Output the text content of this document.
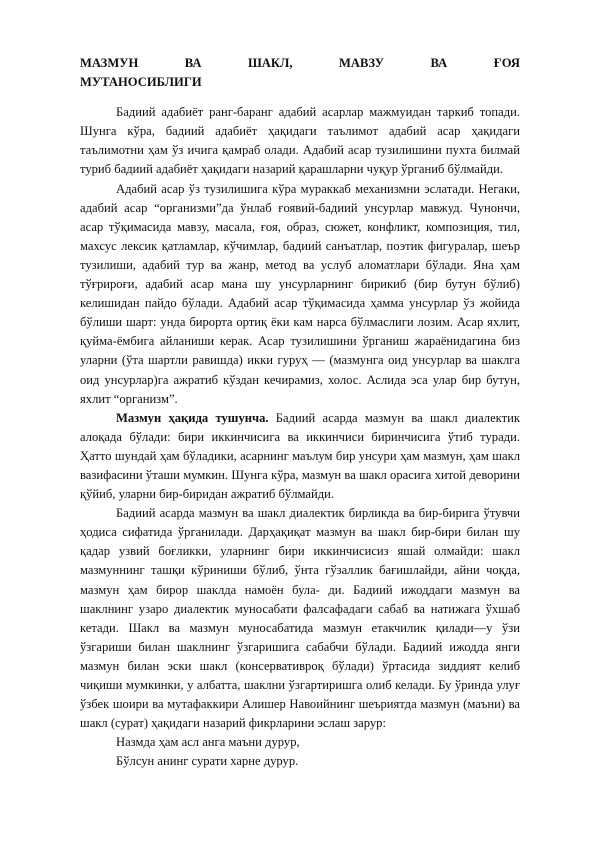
МАЗМУН	ВА	ШАКЛ,	МАВЗУ	ВА	ҒОЯ
МУТАНОСИБЛИГИ

Бадиий адабиёт ранг-баранг адабий асарлар мажмуидан таркиб топади. Шунга кўра, бадиий адабиёт ҳақидаги таълимот адабий асар ҳақидаги таълимотни ҳам ўз ичига қамраб олади. Адабий асар тузилишини пухта билмай туриб бадиий адабиёт ҳақидаги назарий қарашларни чуқур ўрганиб бўлмайди.

Адабий асар ўз тузилишига кўра мураккаб механизмни эслатади. Негаки, адабий асар “организми”да ўнлаб ғоявий-бадиий унсурлар мавжуд. Чунончи, асар тўқимасида мавзу, масала, ғоя, образ, сюжет, конфликт, композиция, тил, махсус лексик қатламлар, кўчимлар, бадиий санъатлар, поэтик фигуралар, шеър тузилиши, адабий тур ва жанр, метод ва услуб аломатлари бўлади. Яна ҳам тўғрироғи, адабий асар мана шу унсурларнинг бирикиб (бир бутун бўлиб) келишидан пайдо бўлади. Адабий асар тўқимасида ҳамма унсурлар ўз жойида бўлиши шарт: унда бирорта ортиқ ёки кам нарса бўлмаслиги лозим. Асар яхлит, қуйма-ёмбига айланиши керак. Асар тузилишини ўрганиш жараёнидагина биз уларни (ўта шартли равишда) икки гуруҳ — (мазмунга оид унсурлар ва шаклга оид унсурлар)га ажратиб кўздан кечирамиз, холос. Аслида эса улар бир бутун, яхлит “организм”.

Мазмун ҳақида тушунча. Бадиий асарда мазмун ва шакл диалектик алоқада бўлади: бири иккинчисига ва иккинчиси биринчисига ўтиб туради. Ҳатто шундай ҳам бўладики, асарнинг маълум бир унсури ҳам мазмун, ҳам шакл вазифасини ўташи мумкин. Шунга кўра, мазмун ва шакл орасига хитой деворини қўйиб, уларни бир-биридан ажратиб бўлмайди.

Бадиий асарда мазмун ва шакл диалектик бирликда ва бир-бирига ўтувчи ҳодиса сифатида ўрганилади. Дарҳақиқат мазмун ва шакл бир-бири билан шу қадар узвий боғликки, уларнинг бири иккинчисисиз яшай олмайди: шакл мазмуннинг ташқи кўриниши бўлиб, ўнта гўзаллик бағишлайди, айни чоқда, мазмун ҳам бирор шаклда намоён була- ди. Бадиий ижоддаги мазмун ва шаклнинг узаро диалектик муносабати фалсафадаги сабаб ва натижага ўхшаб кетади. Шакл ва мазмун муносабатида мазмун етакчилик қилади—у ўзи ўзгариши билан шаклнинг ўзгаришига сабабчи бўлади. Бадиий ижодда янги мазмун билан эски шакл (консервативроқ бўлади) ўртасида зиддият келиб чиқиши мумкинки, у албатта, шаклни ўзгартиришга олиб келади. Бу ўринда улуғ ўзбек шоири ва мутафаккири Алишер Навоийнинг шеъриятда мазмун (маъни) ва шакл (сурат) ҳақидаги назарий фикрларини эслаш зарур:

Назмда ҳам асл анга маъни дурур,

Бўлсун анинг сурати харне дурур.
